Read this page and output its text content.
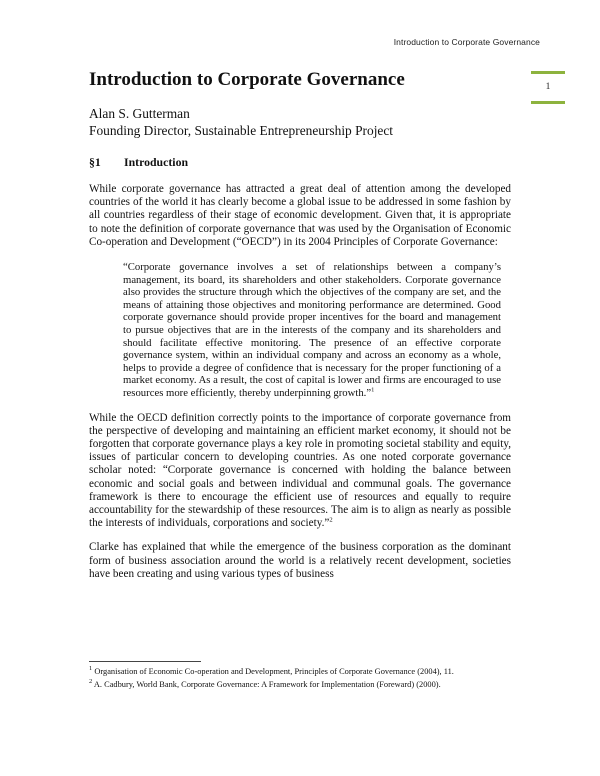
Introduction to Corporate Governance
1
Introduction to Corporate Governance
Alan S. Gutterman
Founding Director, Sustainable Entrepreneurship Project
§1 Introduction

While corporate governance has attracted a great deal of attention among the developed countries of the world it has clearly become a global issue to be addressed in some fashion by all countries regardless of their stage of economic development. Given that, it is appropriate to note the definition of corporate governance that was used by the Organisation of Economic Co-operation and Development (“OECD”) in its 2004 Principles of Corporate Governance:

“Corporate governance involves a set of relationships between a company’s management, its board, its shareholders and other stakeholders. Corporate governance also provides the structure through which the objectives of the company are set, and the means of attaining those objectives and monitoring performance are determined. Good corporate governance should provide proper incentives for the board and management to pursue objectives that are in the interests of the company and its shareholders and should facilitate effective monitoring. The presence of an effective corporate governance system, within an individual company and across an economy as a whole, helps to provide a degree of confidence that is necessary for the proper functioning of a market economy. As a result, the cost of capital is lower and firms are encouraged to use resources more efficiently, thereby underpinning growth.”$^1$

While the OECD definition correctly points to the importance of corporate governance from the perspective of developing and maintaining an efficient market economy, it should not be forgotten that corporate governance plays a key role in promoting societal stability and equity, issues of particular concern to developing countries. As one noted corporate governance scholar noted: “Corporate governance is concerned with holding the balance between economic and social goals and between individual and communal goals. The governance framework is there to encourage the efficient use of resources and equally to require accountability for the stewardship of these resources. The aim is to align as nearly as possible the interests of individuals, corporations and society.”$^2$

Clarke has explained that while the emergence of the business corporation as the dominant form of business association around the world is a relatively recent development, societies have been creating and using various types of business

$^1$ Organisation of Economic Co-operation and Development, Principles of Corporate Governance (2004), 11.

$^2$ A. Cadbury, World Bank, Corporate Governance: A Framework for Implementation (Foreward) (2000).
